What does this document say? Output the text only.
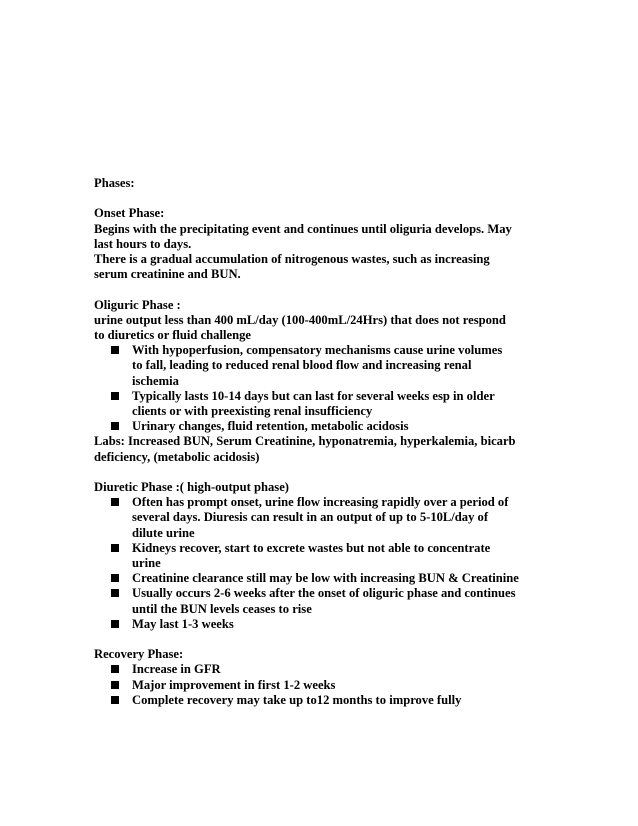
Phases:

Onset Phase:

Begins with the precipitating event and continues until oliguria develops. May

last hours to days.

There is a gradual accumulation of nitrogenous wastes, such as increasing

serum creatinine and BUN.

Oliguric Phase :

urine output less than 400 mL/day (100-400mL/24Hrs) that does not respond

to diuretics or fluid challenge

With hypoperfusion, compensatory mechanisms cause urine volumes
to fall, leading to reduced renal blood flow and increasing renal
ischemia
Typically lasts 10-14 days but can last for several weeks esp in older
clients or with preexisting renal insufficiency
Urinary changes, fluid retention, metabolic acidosis

Labs: Increased BUN, Serum Creatinine, hyponatremia, hyperkalemia, bicarb

deficiency, (metabolic acidosis)

Diuretic Phase :( high-output phase)

Often has prompt onset, urine flow increasing rapidly over a period of
several days. Diuresis can result in an output of up to 5-10L/day of
dilute urine
Kidneys recover, start to excrete wastes but not able to concentrate
urine
Creatinine clearance still may be low with increasing BUN & Creatinine
Usually occurs 2-6 weeks after the onset of oliguric phase and continues
until the BUN levels ceases to rise
May last 1-3 weeks

Recovery Phase:

Increase in GFR
Major improvement in first 1-2 weeks
Complete recovery may take up to12 months to improve fully
